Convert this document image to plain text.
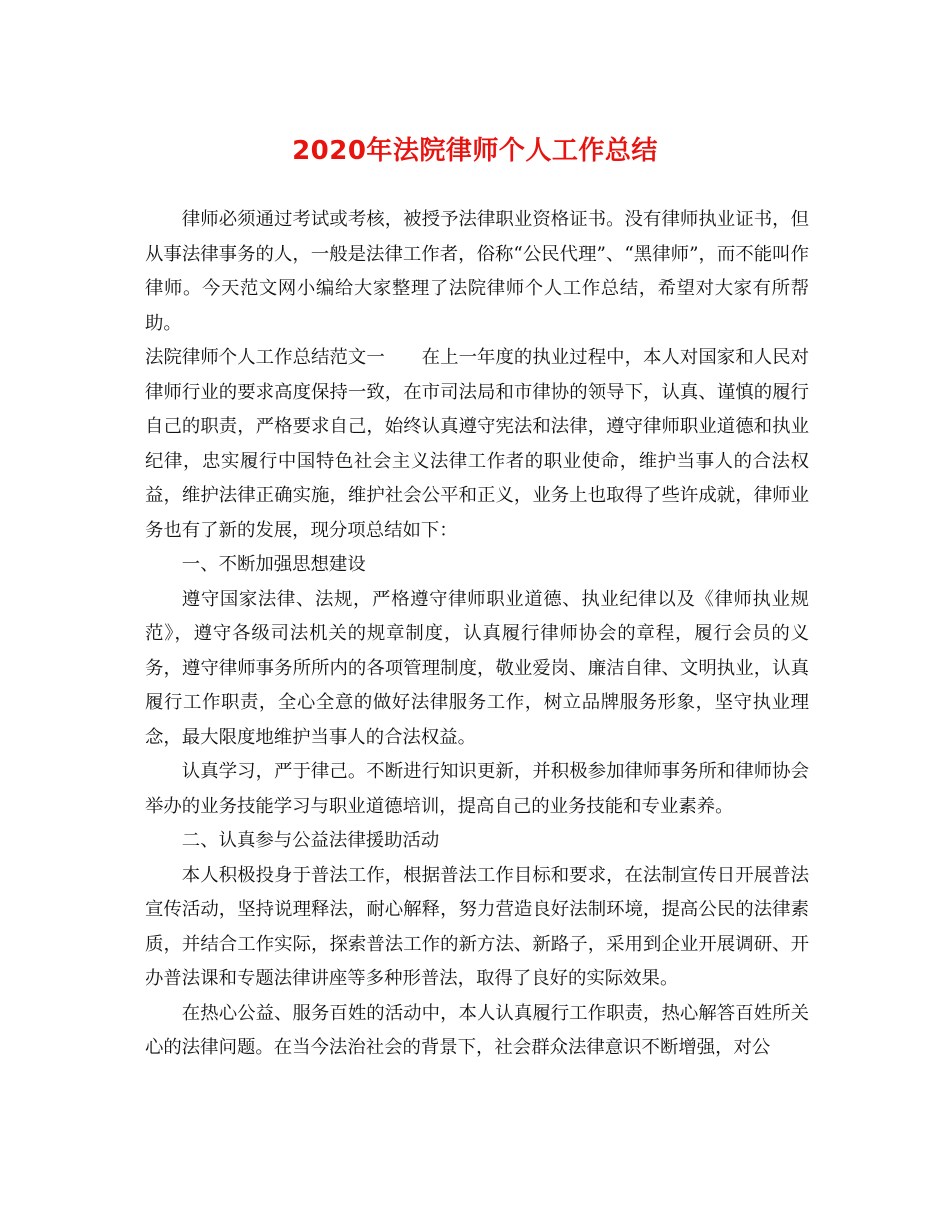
2020年法院律师个人工作总结

律师必须通过考试或考核，被授予法律职业资格证书。没有律师执业证书，但从事法律事务的人，一般是法律工作者，俗称“公民代理”、“黑律师”，而不能叫作律师。今天范文网小编给大家整理了法院律师个人工作总结，希望对大家有所帮助。

法院律师个人工作总结范文一　　在上一年度的执业过程中，本人对国家和人民对律师行业的要求高度保持一致，在市司法局和市律协的领导下，认真、谨慎的履行自己的职责，严格要求自己，始终认真遵守宪法和法律，遵守律师职业道德和执业纪律，忠实履行中国特色社会主义法律工作者的职业使命，维护当事人的合法权益，维护法律正确实施，维护社会公平和正义，业务上也取得了些许成就，律师业务也有了新的发展，现分项总结如下：

一、不断加强思想建设

遵守国家法律、法规，严格遵守律师职业道德、执业纪律以及《律师执业规范》，遵守各级司法机关的规章制度，认真履行律师协会的章程，履行会员的义务，遵守律师事务所所内的各项管理制度，敬业爱岗、廉洁自律、文明执业，认真履行工作职责，全心全意的做好法律服务工作，树立品牌服务形象，坚守执业理念，最大限度地维护当事人的合法权益。

认真学习，严于律己。不断进行知识更新，并积极参加律师事务所和律师协会举办的业务技能学习与职业道德培训，提高自己的业务技能和专业素养。

二、认真参与公益法律援助活动

本人积极投身于普法工作，根据普法工作目标和要求，在法制宣传日开展普法宣传活动，坚持说理释法，耐心解释，努力营造良好法制环境，提高公民的法律素质，并结合工作实际，探索普法工作的新方法、新路子，采用到企业开展调研、开办普法课和专题法律讲座等多种形普法，取得了良好的实际效果。

在热心公益、服务百姓的活动中，本人认真履行工作职责，热心解答百姓所关心的法律问题。在当今法治社会的背景下，社会群众法律意识不断增强，对公
